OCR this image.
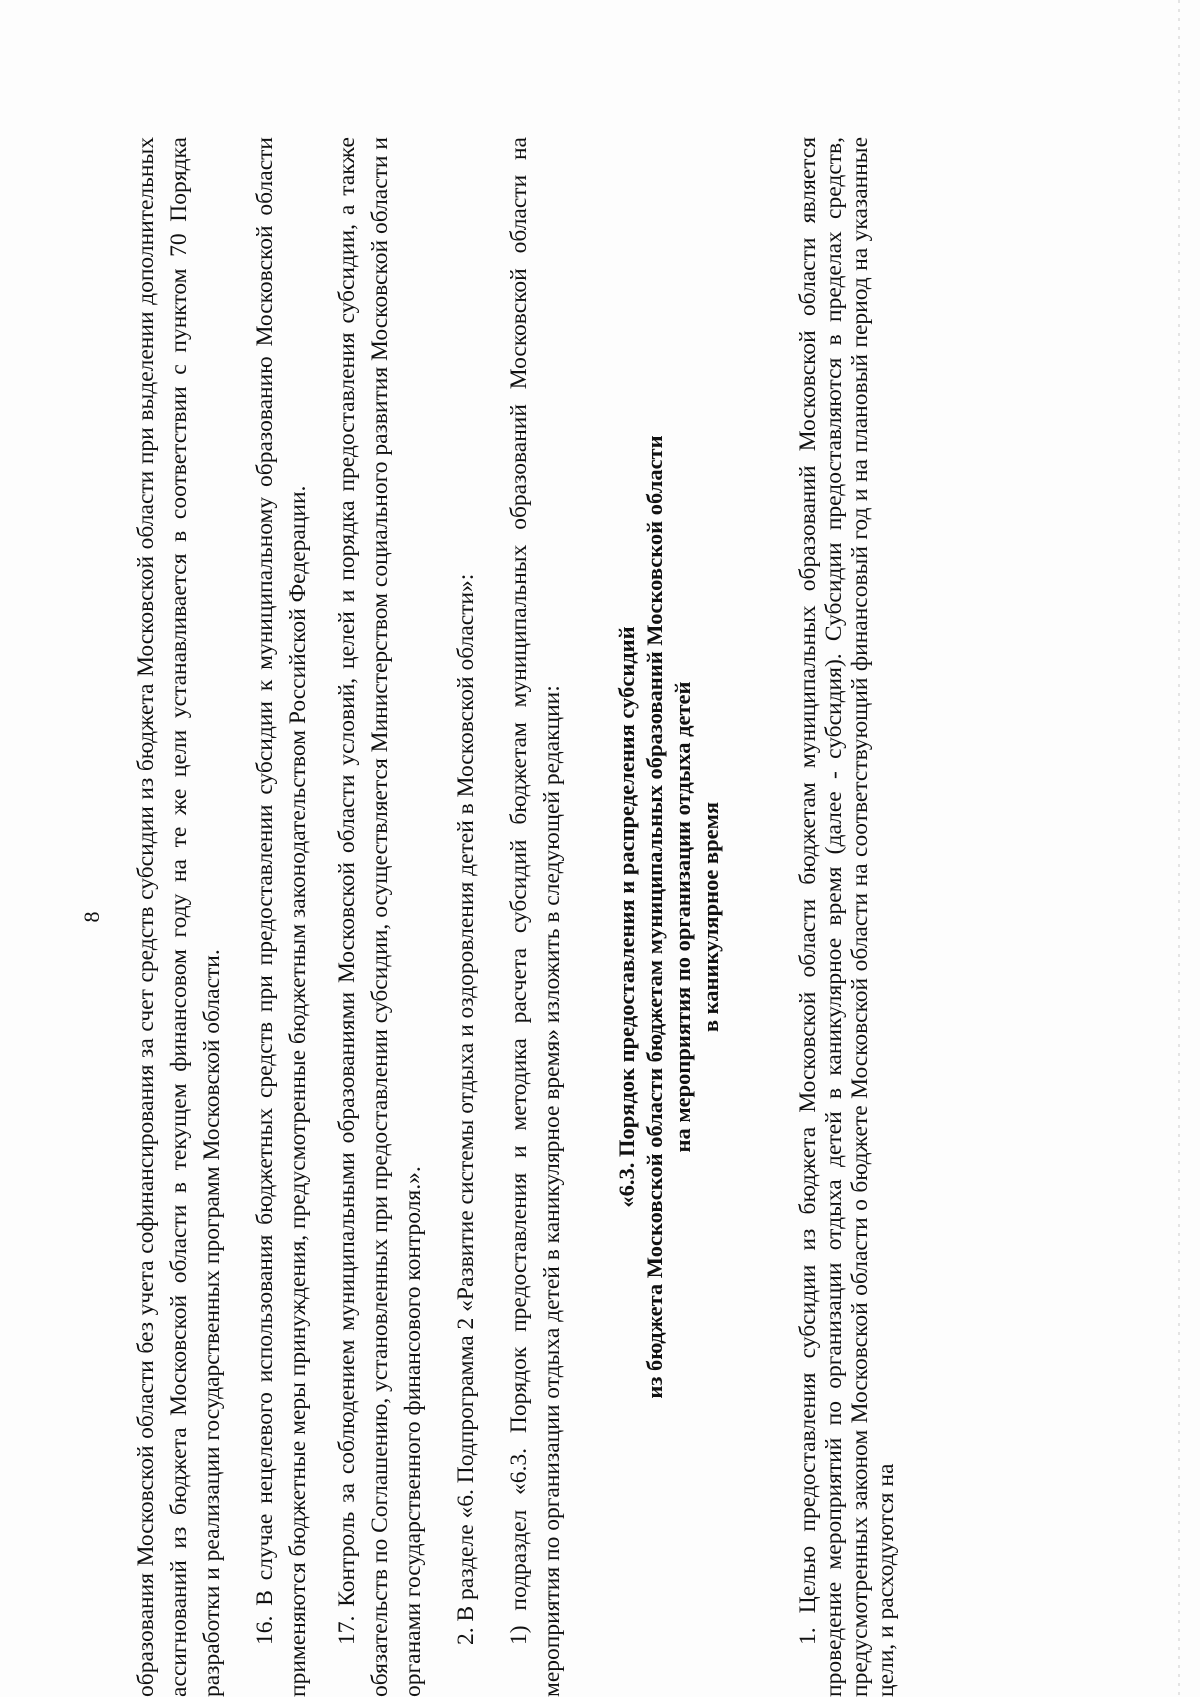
8 образования Московской области без учета софинансирования за счет средств субсидии из бюджета Московской области при выделении дополнительных ассигнований из бюджета Московской области в текущем финансовом году на те же цели устанавливается в соответствии с пунктом 70 Порядка разработки и реализации государственных программ Московской области. 16. В случае нецелевого использования бюджетных средств при предоставлении субсидии к муниципальному образованию Московской области применяются бюджетные меры принуждения, предусмотренные бюджетным законодательством Российской Федерации. 17. Контроль за соблюдением муниципальными образованиями Московской области условий, целей и порядка предоставления субсидии, а также обязательств по Соглашению, установленных при предоставлении субсидии, осуществляется Министерством социального развития Московской области и органами государственного финансового контроля.». 2. В разделе «6. Подпрограмма 2 «Развитие системы отдыха и оздоровления детей в Московской области»: 1) подраздел «6.3. Порядок предоставления и методика расчета субсидий бюджетам муниципальных образований Московской области на мероприятия по организации отдыха детей в каникулярное время» изложить в следующей редакции: «6.3. Порядок предоставления и распределения субсидий из бюджета Московской области бюджетам муниципальных образований Московской области на мероприятия по организации отдыха детей в каникулярное время	1. Целью предоставления субсидии из бюджета Московской области бюджетам муниципальных образований Московской области является проведение мероприятий по организации отдыха детей в каникулярное время (далее - субсидия). Субсидии предоставляются в пределах средств, предусмотренных законом Московской области о бюджете Московской области на соответствующий финансовый год и на плановый период на указанные цели, и расходуются на
